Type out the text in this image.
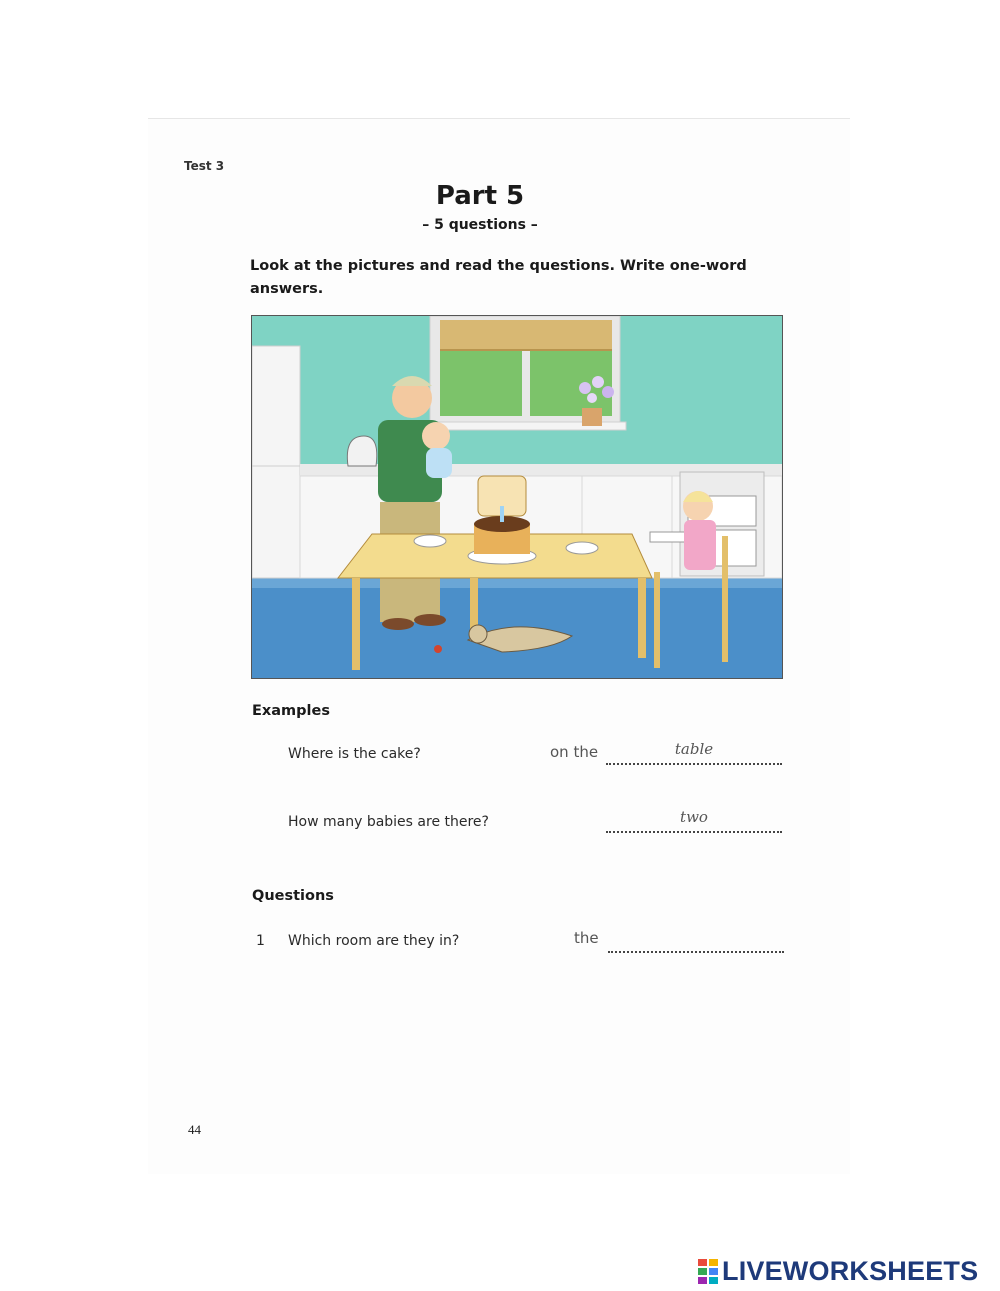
Test 3
Part 5
– 5 questions –
Look at the pictures and read the questions. Write one-word answers.
Examples
Where is the cake?	on the	table
How many babies are there?	two
Questions
1 Which room are they in?	the
44
LIVEWORKSHEETS
